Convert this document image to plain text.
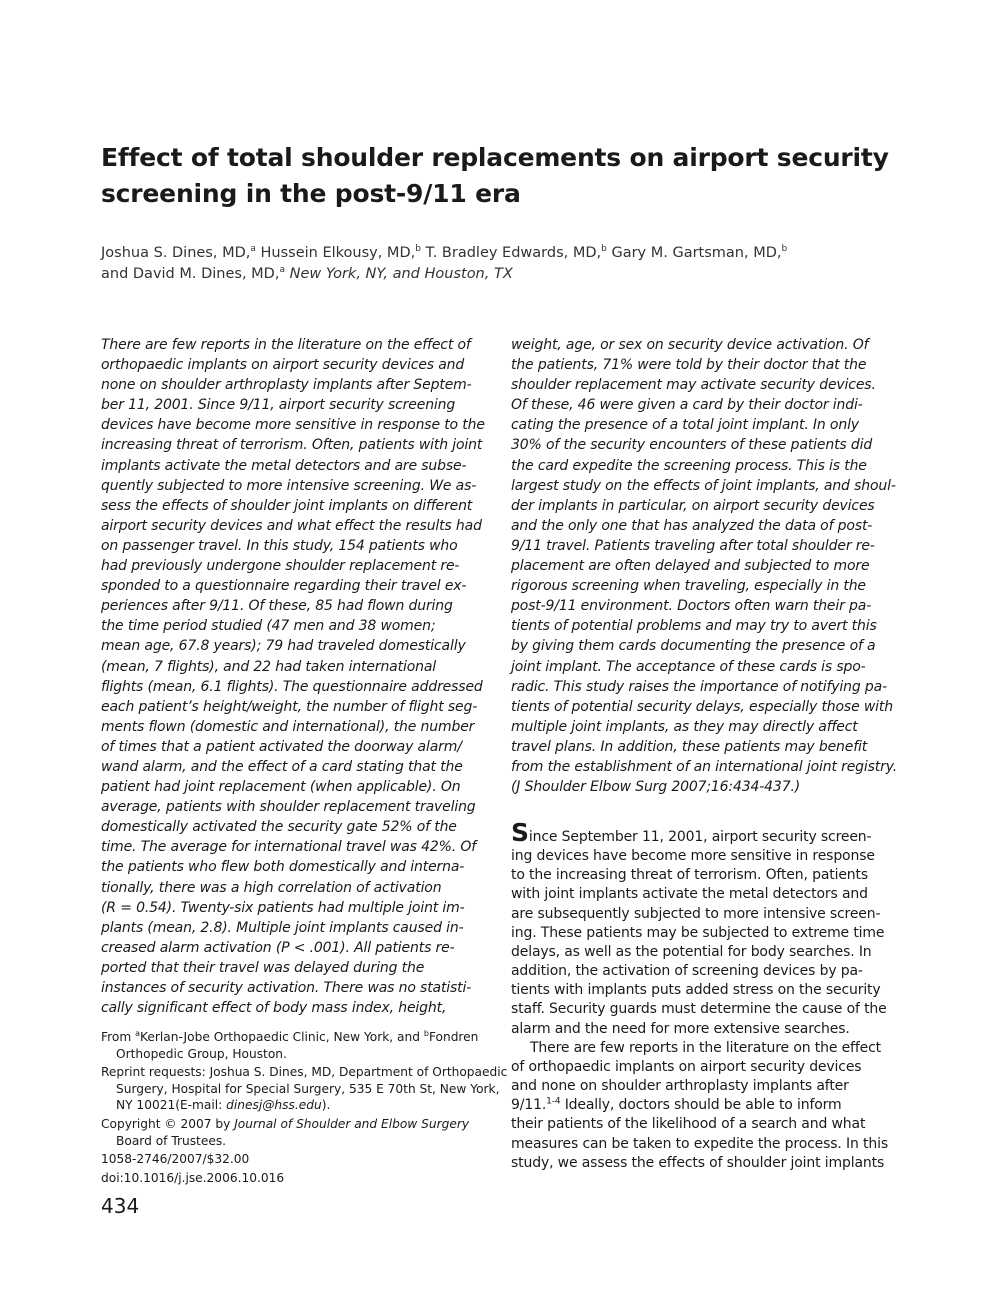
Effect of total shoulder replacements on airport security
screening in the post-9/11 era
Joshua S. Dines, MD,$^a$ Hussein Elkousy, MD,$^b$ T. Bradley Edwards, MD,$^b$ Gary M. Gartsman, MD,$^b$
and David M. Dines, MD,$^a$ New York, NY, and Houston, TX
There are few reports in the literature on the effect of
orthopaedic implants on airport security devices and
none on shoulder arthroplasty implants after Septem-
ber 11, 2001. Since 9/11, airport security screening
devices have become more sensitive in response to the
increasing threat of terrorism. Often, patients with joint
implants activate the metal detectors and are subse-
quently subjected to more intensive screening. We as-
sess the effects of shoulder joint implants on different
airport security devices and what effect the results had
on passenger travel. In this study, 154 patients who
had previously undergone shoulder replacement re-
sponded to a questionnaire regarding their travel ex-
periences after 9/11. Of these, 85 had flown during
the time period studied (47 men and 38 women;
mean age, 67.8 years); 79 had traveled domestically
(mean, 7 flights), and 22 had taken international
flights (mean, 6.1 flights). The questionnaire addressed
each patient’s height/weight, the number of flight seg-
ments flown (domestic and international), the number
of times that a patient activated the doorway alarm/
wand alarm, and the effect of a card stating that the
patient had joint replacement (when applicable). On
average, patients with shoulder replacement traveling
domestically activated the security gate 52% of the
time. The average for international travel was 42%. Of
the patients who flew both domestically and interna-
tionally, there was a high correlation of activation
(R = 0.54). Twenty-six patients had multiple joint im-
plants (mean, 2.8). Multiple joint implants caused in-
creased alarm activation (P < .001). All patients re-
ported that their travel was delayed during the
instances of security activation. There was no statisti-
cally significant effect of body mass index, height,
weight, age, or sex on security device activation. Of
the patients, 71% were told by their doctor that the
shoulder replacement may activate security devices.
Of these, 46 were given a card by their doctor indi-
cating the presence of a total joint implant. In only
30% of the security encounters of these patients did
the card expedite the screening process. This is the
largest study on the effects of joint implants, and shoul-
der implants in particular, on airport security devices
and the only one that has analyzed the data of post-
9/11 travel. Patients traveling after total shoulder re-
placement are often delayed and subjected to more
rigorous screening when traveling, especially in the
post-9/11 environment. Doctors often warn their pa-
tients of potential problems and may try to avert this
by giving them cards documenting the presence of a
joint implant. The acceptance of these cards is spo-
radic. This study raises the importance of notifying pa-
tients of potential security delays, especially those with
multiple joint implants, as they may directly affect
travel plans. In addition, these patients may benefit
from the establishment of an international joint registry.
(J Shoulder Elbow Surg 2007;16:434-437.)
Since September 11, 2001, airport security screen-
ing devices have become more sensitive in response
to the increasing threat of terrorism. Often, patients
with joint implants activate the metal detectors and
are subsequently subjected to more intensive screen-
ing. These patients may be subjected to extreme time
delays, as well as the potential for body searches. In
addition, the activation of screening devices by pa-
tients with implants puts added stress on the security
staff. Security guards must determine the cause of the
alarm and the need for more extensive searches.
There are few reports in the literature on the effect
of orthopaedic implants on airport security devices
and none on shoulder arthroplasty implants after
9/11.$^{1-4}$ Ideally, doctors should be able to inform
their patients of the likelihood of a search and what
measures can be taken to expedite the process. In this
study, we assess the effects of shoulder joint implants
From $^a$Kerlan-Jobe Orthopaedic Clinic, New York, and $^b$Fondren
Orthopedic Group, Houston.
Reprint requests: Joshua S. Dines, MD, Department of Orthopaedic
Surgery, Hospital for Special Surgery, 535 E 70th St, New York,
NY 10021(E-mail: dinesj@hss.edu).
Copyright © 2007 by Journal of Shoulder and Elbow Surgery
Board of Trustees.
1058-2746/2007/$32.00
doi:10.1016/j.jse.2006.10.016
434
